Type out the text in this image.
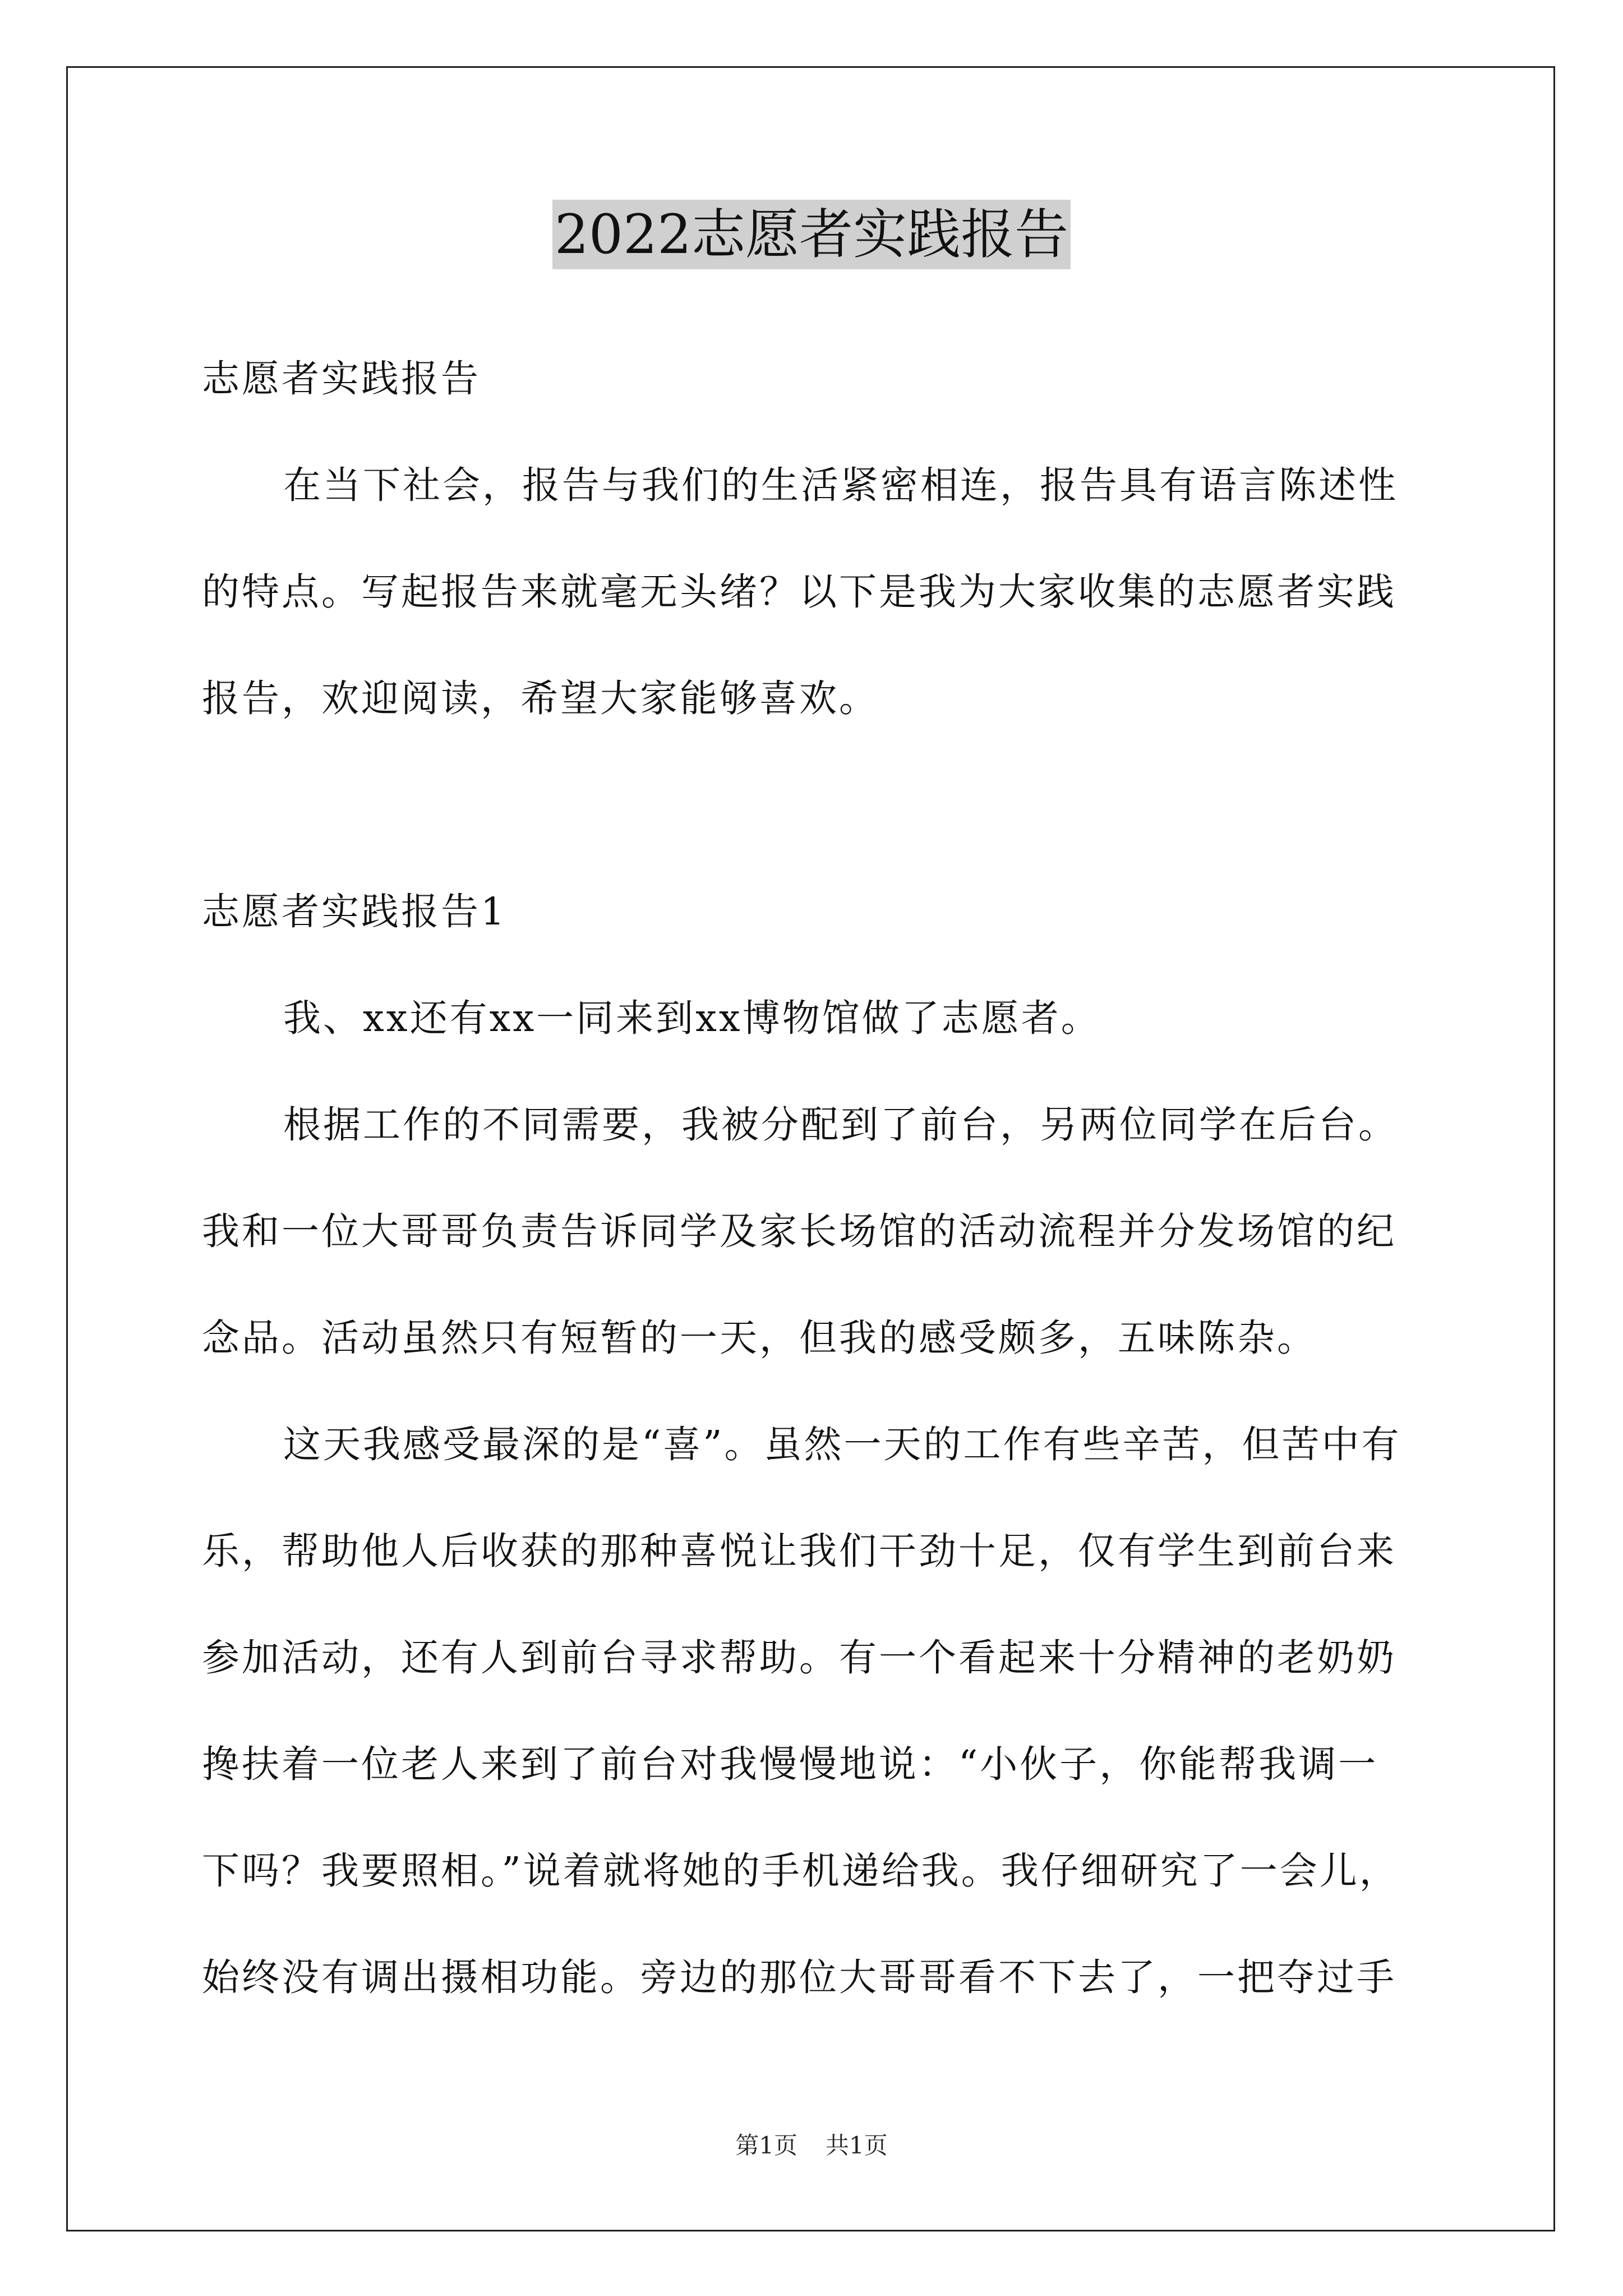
2022志愿者实践报告
志愿者实践报告
在当下社会，报告与我们的生活紧密相连，报告具有语言陈述性
的特点。写起报告来就毫无头绪？以下是我为大家收集的志愿者实践
报告，欢迎阅读，希望大家能够喜欢。
志愿者实践报告1
我、xx还有xx一同来到xx博物馆做了志愿者。
根据工作的不同需要，我被分配到了前台，另两位同学在后台。
我和一位大哥哥负责告诉同学及家长场馆的活动流程并分发场馆的纪
念品。活动虽然只有短暂的一天，但我的感受颇多，五味陈杂。
这天我感受最深的是“喜”。虽然一天的工作有些辛苦，但苦中有
乐，帮助他人后收获的那种喜悦让我们干劲十足，仅有学生到前台来
参加活动，还有人到前台寻求帮助。有一个看起来十分精神的老奶奶
搀扶着一位老人来到了前台对我慢慢地说：“小伙子，你能帮我调一
下吗？我要照相。”说着就将她的手机递给我。我仔细研究了一会儿，
始终没有调出摄相功能。旁边的那位大哥哥看不下去了，一把夺过手
第1页 共1页
